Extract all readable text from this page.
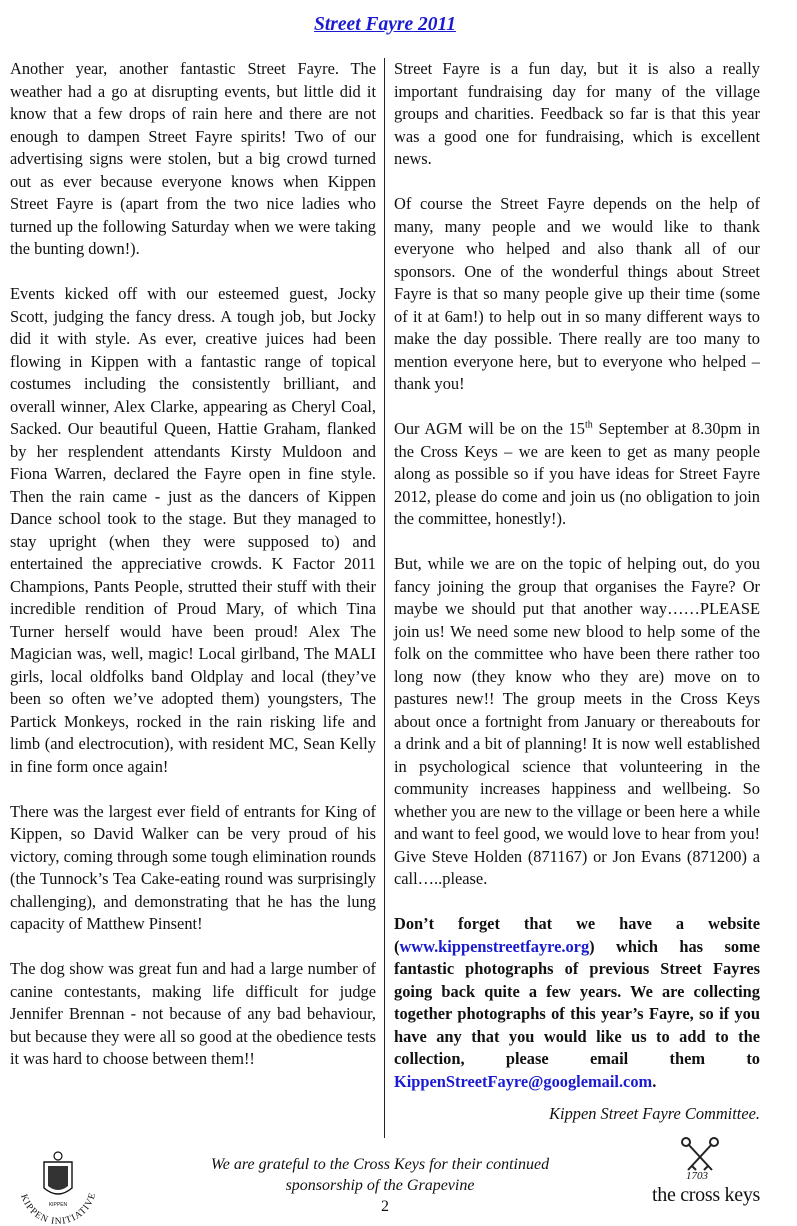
Street Fayre 2011

Another year, another fantastic Street Fayre. The weather had a go at disrupting events, but little did it know that a few drops of rain here and there are not enough to dampen Street Fayre spirits! Two of our advertising signs were stolen, but a big crowd turned out as ever because everyone knows when Kippen Street Fayre is (apart from the two nice ladies who turned up the following Saturday when we were taking the bunting down!).

Events kicked off with our esteemed guest, Jocky Scott, judging the fancy dress. A tough job, but Jocky did it with style. As ever, creative juices had been flowing in Kippen with a fantastic range of topical costumes including the consistently brilliant, and overall winner, Alex Clarke, appearing as Cheryl Coal, Sacked. Our beautiful Queen, Hattie Graham, flanked by her resplendent attendants Kirsty Muldoon and Fiona Warren, declared the Fayre open in fine style. Then the rain came - just as the dancers of Kippen Dance school took to the stage. But they managed to stay upright (when they were supposed to) and entertained the appreciative crowds. K Factor 2011 Champions, Pants People, strutted their stuff with their incredible rendition of Proud Mary, of which Tina Turner herself would have been proud! Alex The Magician was, well, magic! Local girlband, The MALI girls, local oldfolks band Oldplay and local (they’ve been so often we’ve adopted them) youngsters, The Partick Monkeys, rocked in the rain risking life and limb (and electrocution), with resident MC, Sean Kelly in fine form once again!

There was the largest ever field of entrants for King of Kippen, so David Walker can be very proud of his victory, coming through some tough elimination rounds (the Tunnock’s Tea Cake-eating round was surprisingly challenging), and demonstrating that he has the lung capacity of Matthew Pinsent!

The dog show was great fun and had a large number of canine contestants, making life difficult for judge Jennifer Brennan - not because of any bad behaviour, but because they were all so good at the obedience tests it was hard to choose between them!!

Street Fayre is a fun day, but it is also a really important fundraising day for many of the village groups and charities. Feedback so far is that this year was a good one for fundraising, which is excellent news.

Of course the Street Fayre depends on the help of many, many people and we would like to thank everyone who helped and also thank all of our sponsors. One of the wonderful things about Street Fayre is that so many people give up their time (some of it at 6am!) to help out in so many different ways to make the day possible. There really are too many to mention everyone here, but to everyone who helped – thank you!

Our AGM will be on the 15th September at 8.30pm in the Cross Keys – we are keen to get as many people along as possible so if you have ideas for Street Fayre 2012, please do come and join us (no obligation to join the committee, honestly!).

But, while we are on the topic of helping out, do you fancy joining the group that organises the Fayre? Or maybe we should put that another way……PLEASE join us! We need some new blood to help some of the folk on the committee who have been there rather too long now (they know who they are) move on to pastures new!! The group meets in the Cross Keys about once a fortnight from January or thereabouts for a drink and a bit of planning! It is now well established in psychological science that volunteering in the community increases happiness and wellbeing. So whether you are new to the village or been here a while and want to feel good, we would love to hear from you! Give Steve Holden (871167) or Jon Evans (871200) a call…..please.

Don’t forget that we have a website (www.kippenstreetfayre.org) which has some fantastic photographs of previous Street Fayres going back quite a few years. We are collecting together photographs of this year’s Fayre, so if you have any that you would like us to add to the collection, please email them to KippenStreetFayre@googlemail.com.

Kippen Street Fayre Committee.
KIPPEN INITIATIVE
KIPPEN
We are grateful to the Cross Keys for their continued
sponsorship of the Grapevine
2
1703
the cross keys
